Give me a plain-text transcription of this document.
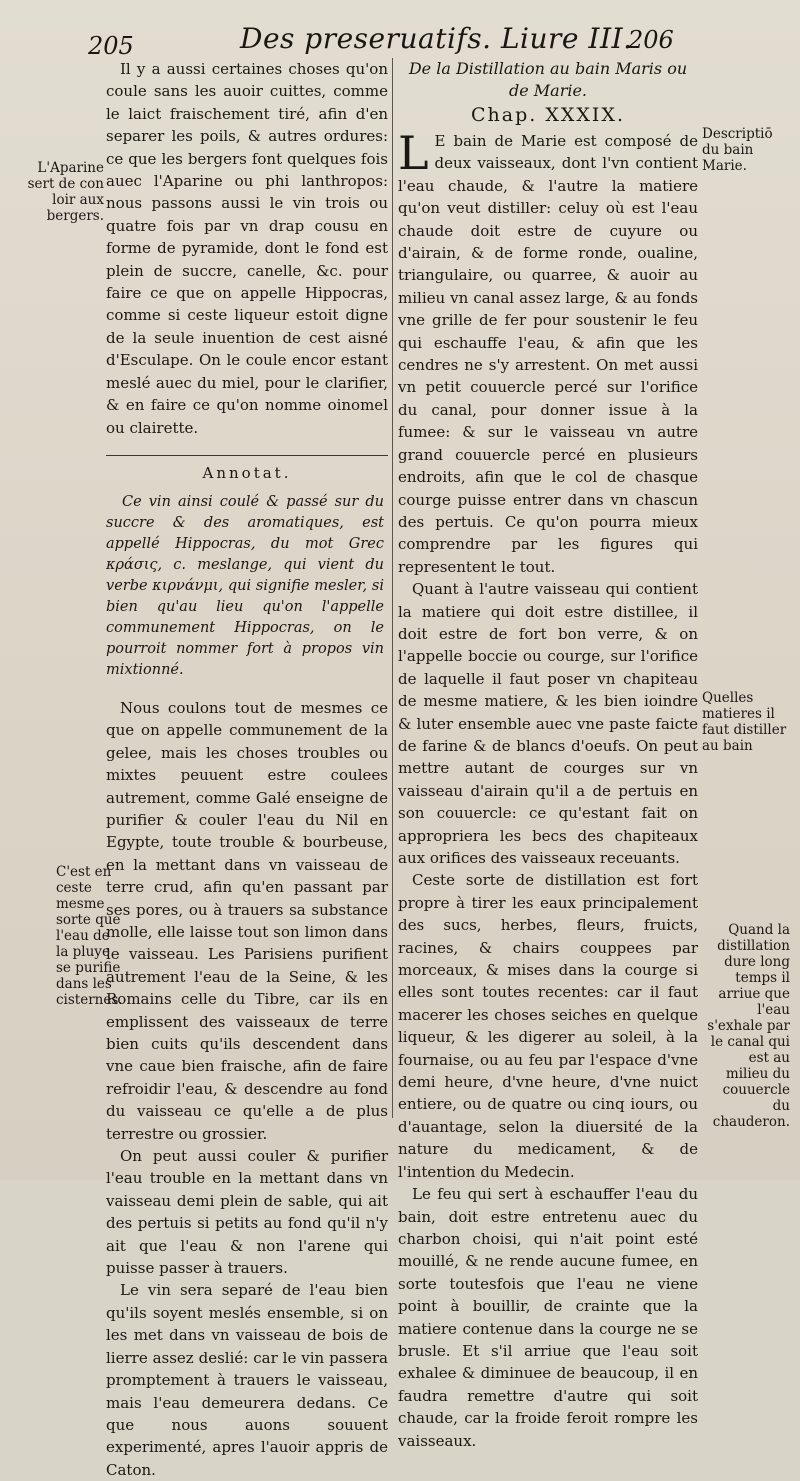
205	Des preseruatifs. Liure III.
206

Il y a aussi certaines choses qu'on coule sans les auoir cuittes, comme le laict fraischement tiré, afin d'en separer les poils, & autres ordures: ce que les bergers font quelques fois auec l'Aparine ou phi lanthropos: nous passons aussi le vin trois ou quatre fois par vn drap cousu en forme de pyramide, dont le fond est plein de succre, canelle, &c. pour faire ce que on appelle Hippocras, comme si ceste liqueur estoit digne de la seule inuention de cest aisné d'Esculape. On le coule encor estant meslé auec du miel, pour le clarifier, & en faire ce qu'on nomme oinomel ou clairette.

Annotat.

Ce vin ainsi coulé & passé sur du succre & des aromatiques, est appellé Hippocras, du mot Grec κράσις, c. meslange, qui vient du verbe κιρνάνμι, qui signifie mesler, si bien qu'au lieu qu'on l'appelle communement Hippocras, on le pourroit nommer fort à propos vin mixtionné.

Nous coulons tout de mesmes ce que on appelle communement de la gelee, mais les choses troubles ou mixtes peuuent estre coulees autrement, comme Galé enseigne de purifier & couler l'eau du Nil en Egypte, toute trouble & bourbeuse, en la mettant dans vn vaisseau de terre crud, afin qu'en passant par ses pores, ou à trauers sa substance molle, elle laisse tout son limon dans le vaisseau. Les Parisiens purifient autrement l'eau de la Seine, & les Romains celle du Tibre, car ils en emplissent des vaisseaux de terre bien cuits qu'ils descendent dans vne caue bien fraische, afin de faire refroidir l'eau, & descendre au fond du vaisseau ce qu'elle a de plus terrestre ou grossier.

On peut aussi couler & purifier l'eau trouble en la mettant dans vn vaisseau demi plein de sable, qui ait des pertuis si petits au fond qu'il n'y ait que l'eau & non l'arene qui puisse passer à trauers.

Le vin sera separé de l'eau bien qu'ils soyent meslés ensemble, si on les met dans vn vaisseau de bois de lierre assez deslié: car le vin passera promptement à trauers le vaisseau, mais l'eau demeurera dedans. Ce que nous auons souuent experimenté, apres l'auoir appris de Caton.

De la Distillation au bain Maris ou de Marie.
Chap. XXXIX.

L E bain de Marie est composé de deux vaisseaux, dont l'vn contient l'eau chaude, & l'autre la matiere qu'on veut distiller: celuy où est l'eau chaude doit estre de cuyure ou d'airain, & de forme ronde, oualine, triangulaire, ou quarree, & auoir au milieu vn canal assez large, & au fonds vne grille de fer pour soustenir le feu qui eschauffe l'eau, & afin que les cendres ne s'y arrestent. On met aussi vn petit couuercle percé sur l'orifice du canal, pour donner issue à la fumee: & sur le vaisseau vn autre grand couuercle percé en plusieurs endroits, afin que le col de chasque courge puisse entrer dans vn chascun des pertuis. Ce qu'on pourra mieux comprendre par les figures qui representent le tout.

Quant à l'autre vaisseau qui contient la matiere qui doit estre distillee, il doit estre de fort bon verre, & on l'appelle boccie ou courge, sur l'orifice de laquelle il faut poser vn chapiteau de mesme matiere, & les bien ioindre & luter ensemble auec vne paste faicte de farine & de blancs d'oeufs. On peut mettre autant de courges sur vn vaisseau d'airain qu'il a de pertuis en son couuercle: ce qu'estant fait on appropriera les becs des chapiteaux aux orifices des vaisseaux receuants.

Ceste sorte de distillation est fort propre à tirer les eaux principalement des sucs, herbes, fleurs, fruicts, racines, & chairs couppees par morceaux, & mises dans la courge si elles sont toutes recentes: car il faut macerer les choses seiches en quelque liqueur, & les digerer au soleil, à la fournaise, ou au feu par l'espace d'vne demi heure, d'vne heure, d'vne nuict entiere, ou de quatre ou cinq iours, ou d'auantage, selon la diuersité de la nature du medicament, & de l'intention du Medecin.

Le feu qui sert à eschauffer l'eau du bain, doit estre entretenu auec du charbon choisi, qui n'ait point esté mouillé, & ne rende aucune fumee, en sorte toutesfois que l'eau ne viene point à bouillir, de crainte que la matiere contenue dans la courge ne se brusle. Et s'il arriue que l'eau soit exhalee & diminuee de beaucoup, il en faudra remettre d'autre qui soit chaude, car la froide feroit rompre les vaisseaux.

L'Aparine sert de con loir aux bergers.
C'est en ceste mesme sorte que l'eau de la pluye se purifie dans les cisternes.
Descriptiō du bain Marie.
Quelles matieres il faut distiller au bain
Quand la distillation dure long temps il arriue que l'eau s'exhale par le canal qui est au milieu du couuercle du chauderon.
